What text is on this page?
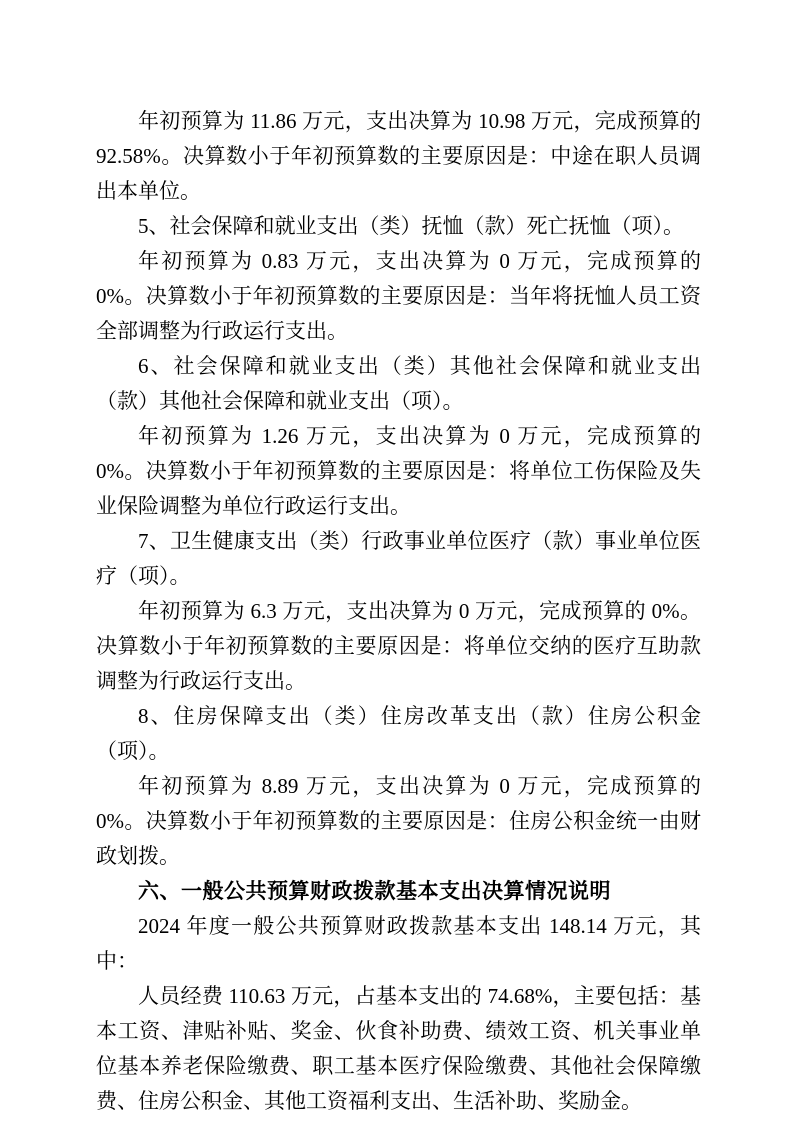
年初预算为 11.86 万元，支出决算为 10.98 万元，完成预算的 92.58%。决算数小于年初预算数的主要原因是：中途在职人员调出本单位。

5、社会保障和就业支出（类）抚恤（款）死亡抚恤（项）。

年初预算为 0.83 万元，支出决算为 0 万元，完成预算的 0%。决算数小于年初预算数的主要原因是：当年将抚恤人员工资全部调整为行政运行支出。

6、社会保障和就业支出（类）其他社会保障和就业支出（款）其他社会保障和就业支出（项）。

年初预算为 1.26 万元，支出决算为 0 万元，完成预算的 0%。决算数小于年初预算数的主要原因是：将单位工伤保险及失业保险调整为单位行政运行支出。

7、卫生健康支出（类）行政事业单位医疗（款）事业单位医疗（项）。

年初预算为 6.3 万元，支出决算为 0 万元，完成预算的 0%。决算数小于年初预算数的主要原因是：将单位交纳的医疗互助款调整为行政运行支出。

8、住房保障支出（类）住房改革支出（款）住房公积金（项）。

年初预算为 8.89 万元，支出决算为 0 万元，完成预算的 0%。决算数小于年初预算数的主要原因是：住房公积金统一由财政划拨。

六、一般公共预算财政拨款基本支出决算情况说明

2024 年度一般公共预算财政拨款基本支出 148.14 万元，其中：

人员经费 110.63 万元，占基本支出的 74.68%，主要包括：基本工资、津贴补贴、奖金、伙食补助费、绩效工资、机关事业单位基本养老保险缴费、职工基本医疗保险缴费、其他社会保障缴费、住房公积金、其他工资福利支出、生活补助、奖励金。
